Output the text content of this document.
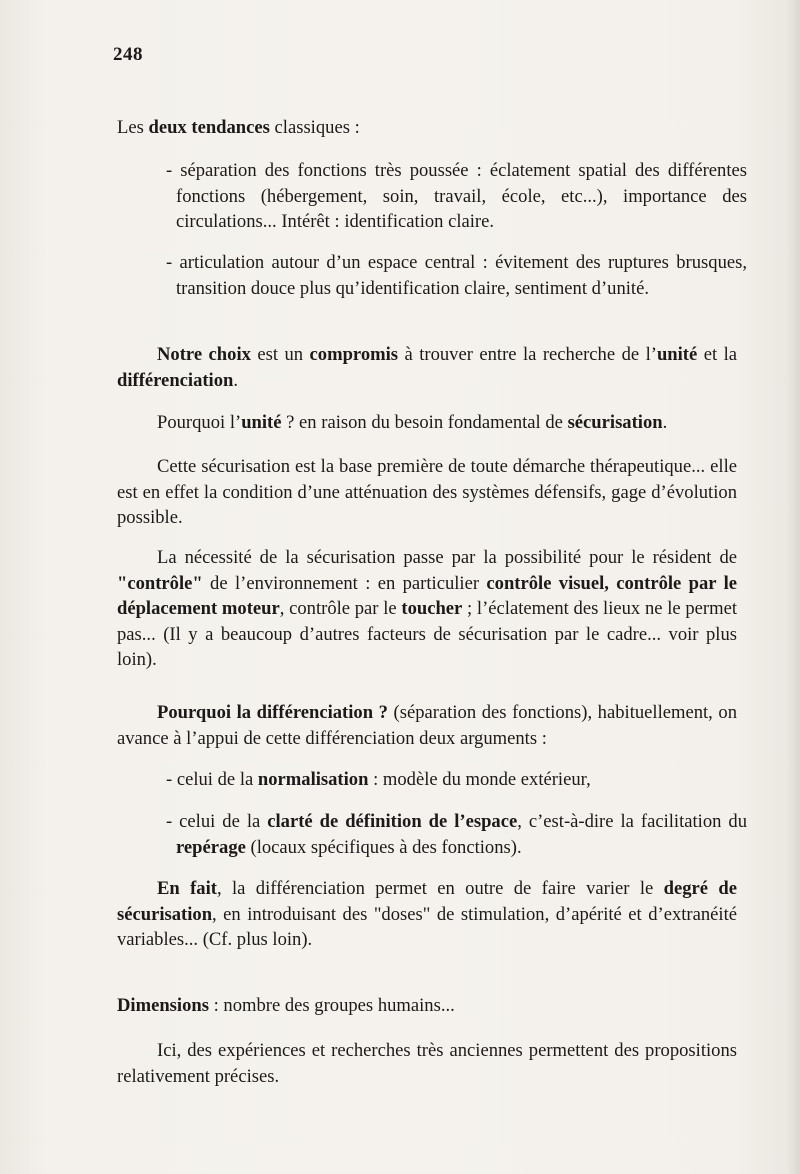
248

Les deux tendances classiques :

- séparation des fonctions très poussée : éclatement spatial des différentes fonctions (hébergement, soin, travail, école, etc...), importance des circulations... Intérêt : identification claire.

- articulation autour d’un espace central : évitement des ruptures brusques, transition douce plus qu’identification claire, sentiment d’unité.

Notre choix est un compromis à trouver entre la recherche de l’unité et la différenciation.

Pourquoi l’unité ? en raison du besoin fondamental de sécurisation.

Cette sécurisation est la base première de toute démarche thérapeutique... elle est en effet la condition d’une atténuation des systèmes défensifs, gage d’évolution possible.

La nécessité de la sécurisation passe par la possibilité pour le résident de "contrôle" de l’environnement : en particulier contrôle visuel, contrôle par le déplacement moteur, contrôle par le toucher ; l’éclatement des lieux ne le permet pas... (Il y a beaucoup d’autres facteurs de sécurisation par le cadre... voir plus loin).

Pourquoi la différenciation ? (séparation des fonctions), habituellement, on avance à l’appui de cette différenciation deux arguments :

- celui de la normalisation : modèle du monde extérieur,

- celui de la clarté de définition de l’espace, c’est-à-dire la facilitation du repérage (locaux spécifiques à des fonctions).

En fait, la différenciation permet en outre de faire varier le degré de sécurisation, en introduisant des "doses" de stimulation, d’apérité et d’extranéité variables... (Cf. plus loin).

Dimensions : nombre des groupes humains...

Ici, des expériences et recherches très anciennes permettent des propositions relativement précises.
